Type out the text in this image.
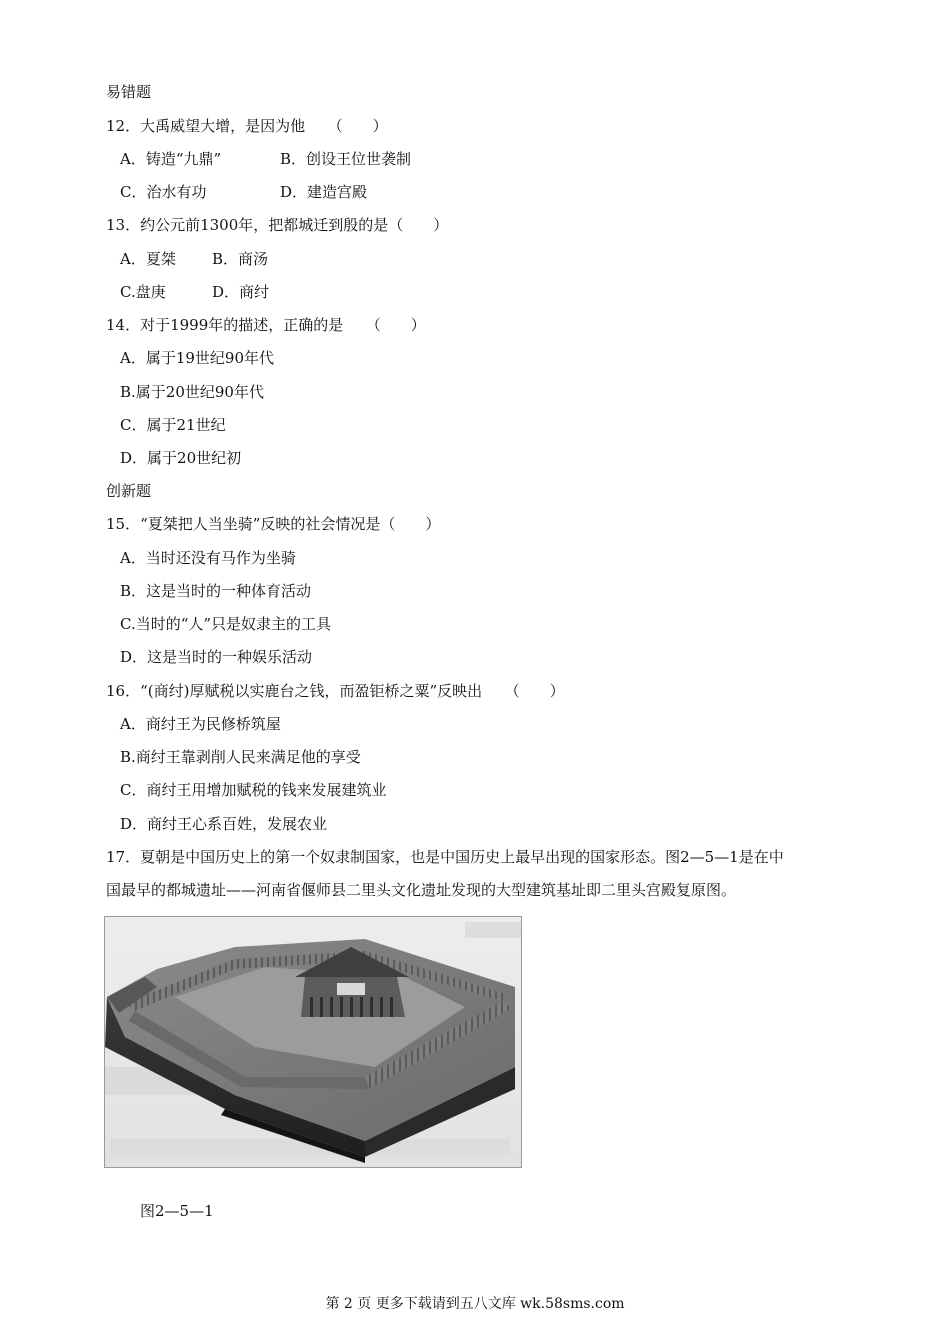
易错题
12．大禹威望大增，是因为他　　（　　）
A．铸造“九鼎”	B．创设王位世袭制
C．治水有功	D．建造宫殿
13．约公元前1300年，把都城迁到殷的是（　　）
A．夏桀 B．商汤
C.盘庚	D．商纣
14．对于1999年的描述，正确的是　　（　　）
A．属于19世纪90年代
B.属于20世纪90年代
C．属于21世纪
D．属于20世纪初
创新题
15．“夏桀把人当坐骑”反映的社会情况是（　　）
A．当时还没有马作为坐骑
B．这是当时的一种体育活动
C.当时的“人”只是奴隶主的工具
D．这是当时的一种娱乐活动
16．“(商纣)厚赋税以实鹿台之钱，而盈钜桥之粟”反映出　　（　　）
A．商纣王为民修桥筑屋
B.商纣王靠剥削人民来满足他的享受
C．商纣王用增加赋税的钱来发展建筑业
D．商纣王心系百姓，发展农业
17．夏朝是中国历史上的第一个奴隶制国家，也是中国历史上最早出现的国家形态。图2—5—1是在中
国最早的都城遗址——河南省偃师县二里头文化遗址发现的大型建筑基址即二里头宫殿复原图。
图2—5—1
第 2 页 更多下载请到五八文库 wk.58sms.com
